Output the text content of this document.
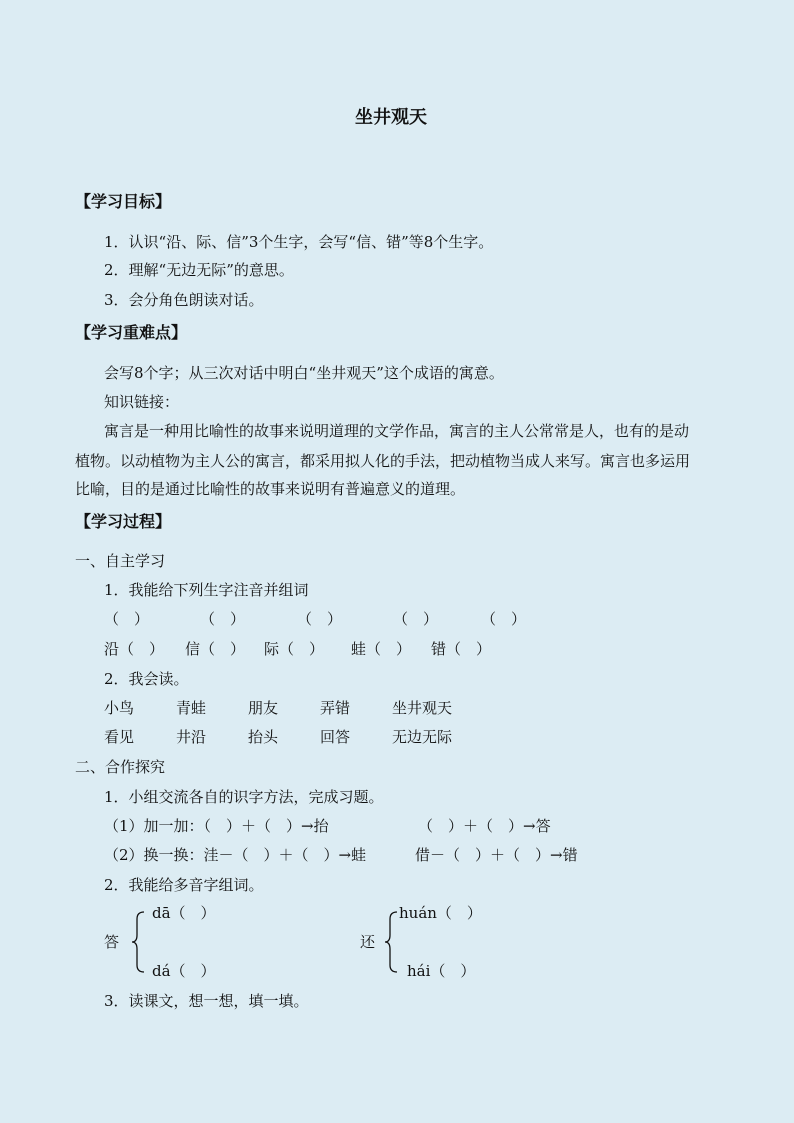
坐井观天
【学习目标】
1．认识“沿、际、信”3个生字，会写“信、错”等8个生字。
2．理解“无边无际”的意思。
3．会分角色朗读对话。
【学习重难点】
会写8个字；从三次对话中明白“坐井观天”这个成语的寓意。
知识链接：
寓言是一种用比喻性的故事来说明道理的文学作品，寓言的主人公常常是人，也有的是动
植物。以动植物为主人公的寓言，都采用拟人化的手法，把动植物当成人来写。寓言也多运用
比喻，目的是通过比喻性的故事来说明有普遍意义的道理。
【学习过程】
一、自主学习
1．我能给下列生字注音并组词
（　）	（　）	（　）	（　）	（　）
沿（　） 信（　） 际（　） 蛙（　） 错（　）
2．我会读。
小鸟	青蛙	朋友	弄错	坐井观天
看见	井沿	抬头	回答	无边无际
二、合作探究
1．小组交流各自的识字方法，完成习题。
（1）加一加：（　）＋（　）→抬	（　）＋（　）→答
（2）换一换：洼－（　）＋（　）→蛙	借－（　）＋（　）→错
2．我能给多音字组词。
答
dā（　）
dá（　）
还
huán（　）
hái（　）
3．读课文，想一想，填一填。
